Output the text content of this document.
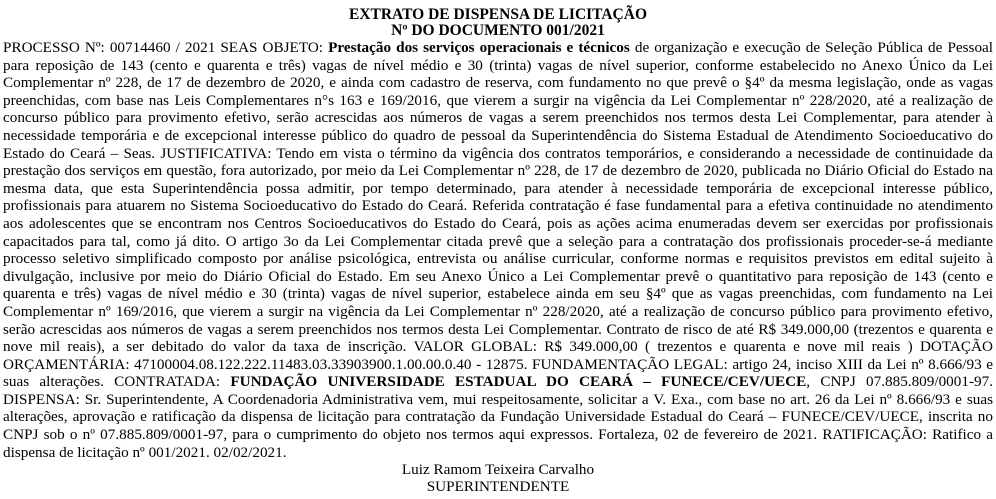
EXTRATO DE DISPENSA DE LICITAÇÃO
Nº DO DOCUMENTO 001/2021
PROCESSO Nº: 00714460 / 2021 SEAS OBJETO: Prestação dos serviços operacionais e técnicos de organização e execução de Seleção Pública de Pessoal para reposição de 143 (cento e quarenta e três) vagas de nível médio e 30 (trinta) vagas de nível superior, conforme estabelecido no Anexo Único da Lei Complementar nº 228, de 17 de dezembro de 2020, e ainda com cadastro de reserva, com fundamento no que prevê o §4º da mesma legislação, onde as vagas preenchidas, com base nas Leis Complementares n°s 163 e 169/2016, que vierem a surgir na vigência da Lei Complementar nº 228/2020, até a realização de concurso público para provimento efetivo, serão acrescidas aos números de vagas a serem preenchidos nos termos desta Lei Complementar, para atender à necessidade temporária e de excepcional interesse público do quadro de pessoal da Superintendência do Sistema Estadual de Atendimento Socioeducativo do Estado do Ceará – Seas. JUSTIFICATIVA: Tendo em vista o término da vigência dos contratos temporários, e considerando a necessidade de continuidade da prestação dos serviços em questão, fora autorizado, por meio da Lei Complementar nº 228, de 17 de dezembro de 2020, publicada no Diário Oficial do Estado na mesma data, que esta Superintendência possa admitir, por tempo determinado, para atender à necessidade temporária de excepcional interesse público, profissionais para atuarem no Sistema Socioeducativo do Estado do Ceará. Referida contratação é fase fundamental para a efetiva continuidade no atendimento aos adolescentes que se encontram nos Centros Socioeducativos do Estado do Ceará, pois as ações acima enumeradas devem ser exercidas por profissionais capacitados para tal, como já dito. O artigo 3o da Lei Complementar citada prevê que a seleção para a contratação dos profissionais proceder-se-á mediante processo seletivo simplificado composto por análise psicológica, entrevista ou análise curricular, conforme normas e requisitos previstos em edital sujeito à divulgação, inclusive por meio do Diário Oficial do Estado. Em seu Anexo Único a Lei Complementar prevê o quantitativo para reposição de 143 (cento e quarenta e três) vagas de nível médio e 30 (trinta) vagas de nível superior, estabelece ainda em seu §4º que as vagas preenchidas, com fundamento na Lei Complementar nº 169/2016, que vierem a surgir na vigência da Lei Complementar nº 228/2020, até a realização de concurso público para provimento efetivo, serão acrescidas aos números de vagas a serem preenchidos nos termos desta Lei Complementar. Contrato de risco de até R$ 349.000,00 (trezentos e quarenta e nove mil reais), a ser debitado do valor da taxa de inscrição. VALOR GLOBAL: R$ 349.000,00 ( trezentos e quarenta e nove mil reais ) DOTAÇÃO ORÇAMENTÁRIA: 47100004.08.122.222.11483.03.33903900.1.00.00.0.40 - 12875. FUNDAMENTAÇÃO LEGAL: artigo 24, inciso XIII da Lei nº 8.666/93 e suas alterações. CONTRATADA: FUNDAÇÃO UNIVERSIDADE ESTADUAL DO CEARÁ – FUNECE/CEV/UECE, CNPJ 07.885.809/0001-97. DISPENSA: Sr. Superintendente, A Coordenadoria Administrativa vem, mui respeitosamente, solicitar a V. Exa., com base no art. 26 da Lei nº 8.666/93 e suas alterações, aprovação e ratificação da dispensa de licitação para contratação da Fundação Universidade Estadual do Ceará – FUNECE/CEV/UECE, inscrita no CNPJ sob o nº 07.885.809/0001-97, para o cumprimento do objeto nos termos aqui expressos. Fortaleza, 02 de fevereiro de 2021. RATIFICAÇÃO: Ratifico a dispensa de licitação nº 001/2021. 02/02/2021.
Luiz Ramom Teixeira Carvalho
SUPERINTENDENTE
